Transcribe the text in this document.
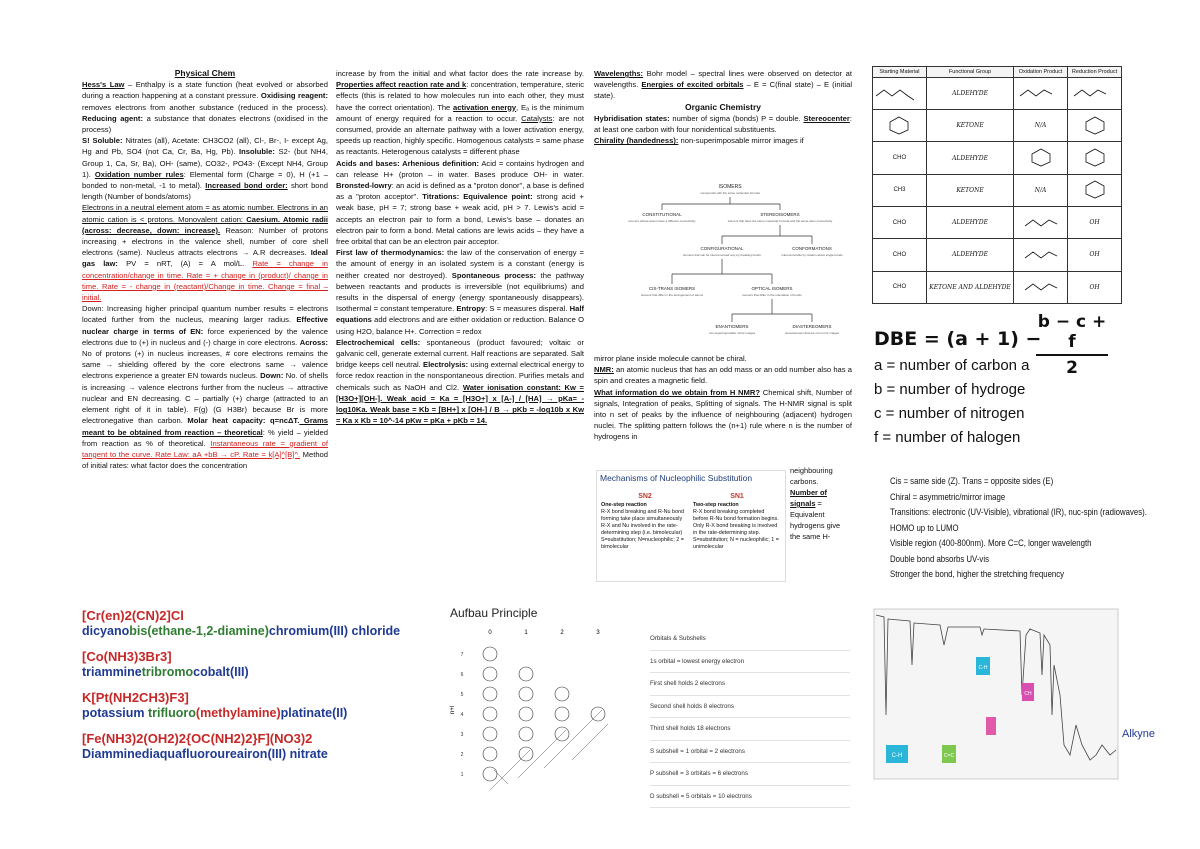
Physical Chem

Hess's Law – Enthalpy is a state function (heat evolved or absorbed during a reaction happening at a constant pressure. Oxidising reagent: removes electrons from another substance (reduced in the process). Reducing agent: a substance that donates electrons (oxidised in the process)

S! Soluble: Nitrates (all), Acetate: CH3CO2 (all), Cl-, Br-, I- except Ag, Hg and Pb, SO4 (not Ca, Cr, Ba, Hg, Pb). Insoluble: S2- (but NH4, Group 1, Ca, Sr, Ba), OH- (same), CO32-, PO43- (Except NH4, Group 1). Oxidation number rules: Elemental form (Charge = 0), H (+1 – bonded to non-metal, -1 to metal). Increased bond order: short bond length (Number of bonds/atoms)

Electrons in a neutral element atom = as atomic number. Electrons in an atomic cation is < protons. Monovalent cation: Caesium. Atomic radii (across: decrease, down: increase). Reason: Number of protons increasing + electrons in the valence shell, number of core shell electrons (same). Nucleus attracts electrons → A.R decreases. Ideal gas law: PV = nRT, (A) = A mol/L. Rate = change in concentration/change in time. Rate = + change in (product)/ change in time. Rate = - change in (reactant)/Change in time. Change = final – initial.

Down: Increasing higher principal quantum number results = electrons located further from the nucleus, meaning larger radius. Effective nuclear charge in terms of EN: force experienced by the valence electrons due to (+) in nucleus and (-) charge in core electrons. Across: No of protons (+) in nucleus increases, # core electrons remains the same → shielding offered by the core electrons same → valence electrons experience a greater EN towards nucleus. Down: No. of shells is increasing → valence electrons further from the nucleus → attractive nuclear and EN decreasing. C – partially (+) charge (attracted to an element right of it in table). F(g) (G H3Br) because Br is more electronegative than carbon. Molar heat capacity: q=ncΔT. Grams meant to be obtained from reaction – theoretical: % yield – yielded from reaction as % of theoretical. Instantaneous rate = gradient of tangent to the curve. Rate Law: aA +bB → cP. Rate = k[A]^[B]^. Method of initial rates: what factor does the concentration

increase by from the initial and what factor does the rate increase by. Properties affect reaction rate and k: concentration, temperature, steric effects (this is related to how molecules run into each other, they must have the correct orientation). The activation energy, Eₐ is the minimum amount of energy required for a reaction to occur. Catalysts: are not consumed, provide an alternate pathway with a lower activation energy, speeds up reaction, highly specific. Homogenous catalysts = same phase as reactants. Heterogenous catalysts = different phase

Acids and bases: Arhenious definition: Acid = contains hydrogen and can release H+ (proton – in water. Bases produce OH- in water. Bronsted-lowry: an acid is defined as a "proton donor", a base is defined as a "proton acceptor". Titrations: Equivalence point: strong acid + weak base, pH = 7; strong base + weak acid, pH > 7. Lewis's acid = accepts an electron pair to form a bond, Lewis's base – donates an electron pair to form a bond. Metal cations are lewis acids – they have a free orbital that can be an electron pair acceptor.

First law of thermodynamics: the law of the conservation of energy = the amount of energy in an isolated system is a constant (energy is neither created nor destroyed). Spontaneous process: the pathway between reactants and products is irreversible (not equilibriums) and results in the dispersal of energy (energy spontaneously disappears). Isothermal = constant temperature. Entropy: S = measures disperal. Half equations add electrons and are either oxidation or reduction. Balance O using H2O, balance H+. Correction = redox

Electrochemical cells: spontaneous (product favoured; voltaic or galvanic cell, generate external current. Half reactions are separated. Salt bridge keeps cell neutral. Electrolysis: using external electrical energy to force redox reaction in the nonspontaneous direction. Purifies metals and chemicals such as NaOH and Cl2. Water ionisation constant: Kw = [H3O+][OH-]. Weak acid = Ka = [H3O+] x [A-] / [HA] → pKa= -log10Ka. Weak base = Kb = [BH+] x [OH-] / B → pKb = -log10b x Kw = Ka x Kb = 10^-14 pKw = pKa + pKb = 14.

Wavelengths: Bohr model – spectral lines were observed on detector at wavelengths. Energies of excited orbitals – E = C(final state) – E (initial state).

Organic Chemistry

Hybridisation states: number of sigma (bonds) P = double. Stereocenter: at least one carbon with four nonidentical substituents.

Chirality (handedness): non-superimposable mirror images if

ISOMERS
compounds with the same molecular formula
CONSTITUTIONAL
isomers whose atoms have a different connectivity
STEREOISOMERS
isomers that have the same molecular formula and the same atom connectivity
CONFIGURATIONAL
isomers that can be interconverted only by breaking bonds
CONFORMATIONS
interconvertible by rotation about single bonds
CIS-TRANS ISOMERS
isomers that differ in the arrangement of atoms
OPTICAL ISOMERS
isomers that differ in the orientation of bonds
ENANTIOMERS
non-superimposable mirror images
DIASTEREOMERS
stereoisomers that are not mirror images

mirror plane inside molecule cannot be chiral.

NMR: an atomic nucleus that has an odd mass or an odd number also has a spin and creates a magnetic field.

What information do we obtain from H NMR? Chemical shift, Number of signals, Integration of peaks, Splitting of signals. The H-NMR signal is split into n set of peaks by the influence of neighbouring (adjacent) hydrogen nuclei. The splitting pattern follows the (n+1) rule where n is the number of hydrogens in

Mechanisms of Nucleophilic Substitution
SN2
One-step reaction
R-X bond breaking and R-Nu bond forming take place simultaneously
R-X and Nu involved in the rate-determining step (i.e. bimolecular)
S=substitution; N=nucleophilic; 2 = bimolecular
SN1
Two-step reaction
R-X bond breaking completed before R-Nu bond formation begins.
Only R-X bond breaking is involved in the rate-determining step.
S=substitution; N = nucleophilic; 1 = unimolecular

neighbouring carbons.

Number of signals = Equivalent hydrogens give the same H-

Starting Material	Functional Group	Oxidation Product	Reduction Product
	ALDEHYDE		
	KETONE	N/A	
CHO	ALDEHYDE		
CH3	KETONE	N/A	
CHO	ALDEHYDE		OH
CHO	ALDEHYDE		OH
CHO	KETONE AND ALDEHYDE		OH
DBE = (a + 1) −
b − c + f
2
a = number of carbon a
b = number of hydroge
c = number of nitrogen
f = number of halogen

Cis = same side (Z). Trans = opposite sides (E)

Chiral = asymmetric/mirror image

Transitions: electronic (UV-Visible), vibrational (IR), nuc-spin (radiowaves).

HOMO up to LUMO

Visible region (400-800nm). More C=C, longer wavelength

Double bond absorbs UV-vis

Stronger the bond, higher the stretching frequency

C-H	C=C
C-H
CH
Alkyne
[Cr(en)2(CN)2]Cl
dicyanobis(ethane-1,2-diamine)chromium(III) chloride
[Co(NH3)3Br3]
triamminetribromocobalt(III)
K[Pt(NH2CH3)F3]
potassium trifluoro(methylamine)platinate(II)
[Fe(NH3)2(OH2)2{OC(NH2)2}F](NO3)2
Diamminediaquafluoroureairon(III) nitrate
Aufbau Principle
0	1	2	3
n+l
7
6
5
4
3
2
1

Orbitals & Subshells

1s orbital = lowest energy electron

First shell holds 2 electrons

Second shell holds 8 electrons

Third shell holds 18 electrons

S subshell = 1 orbital = 2 electrons

P subshell = 3 orbitals = 6 electrons

D subshell = 5 orbitals = 10 electrons
